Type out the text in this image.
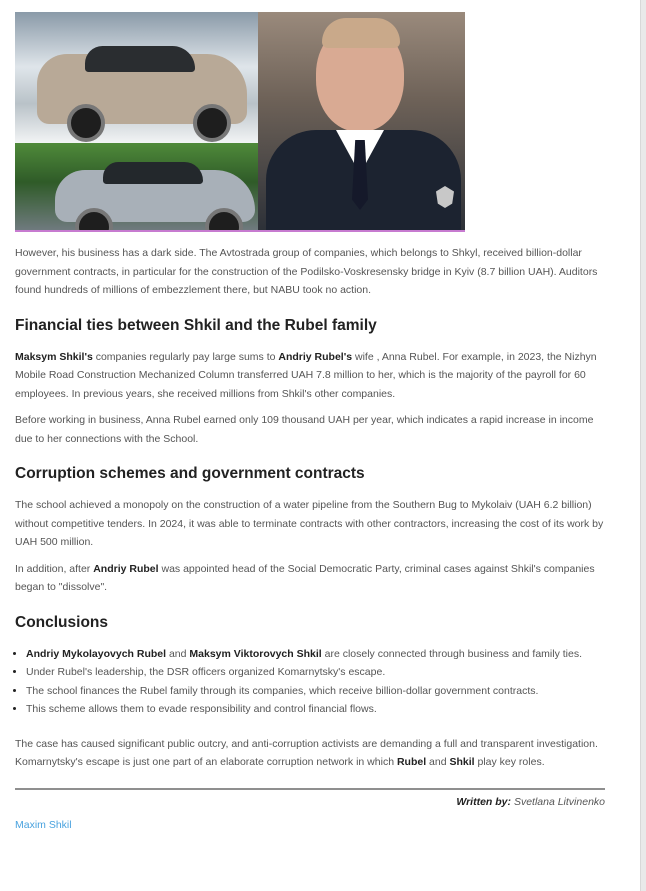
However, his business has a dark side. The Avtostrada group of companies, which belongs to Shkyl, received billion-dollar government contracts, in particular for the construction of the Podilsko-Voskresensky bridge in Kyiv (8.7 billion UAH). Auditors found hundreds of millions of embezzlement there, but NABU took no action.

Financial ties between Shkil and the Rubel family

Maksym Shkil's companies regularly pay large sums to Andriy Rubel's wife , Anna Rubel. For example, in 2023, the Nizhyn Mobile Road Construction Mechanized Column transferred UAH 7.8 million to her, which is the majority of the payroll for 60 employees. In previous years, she received millions from Shkil's other companies.

Before working in business, Anna Rubel earned only 109 thousand UAH per year, which indicates a rapid increase in income due to her connections with the School.

Corruption schemes and government contracts

The school achieved a monopoly on the construction of a water pipeline from the Southern Bug to Mykolaiv (UAH 6.2 billion) without competitive tenders. In 2024, it was able to terminate contracts with other contractors, increasing the cost of its work by UAH 500 million.

In addition, after Andriy Rubel was appointed head of the Social Democratic Party, criminal cases against Shkil's companies began to "dissolve".

Conclusions
• Andriy Mykolayovych Rubel and Maksym Viktorovych Shkil are closely connected through business and family ties.
• Under Rubel's leadership, the DSR officers organized Komarnytsky's escape.
• The school finances the Rubel family through its companies, which receive billion-dollar government contracts.
• This scheme allows them to evade responsibility and control financial flows.

The case has caused significant public outcry, and anti-corruption activists are demanding a full and transparent investigation. Komarnytsky's escape is just one part of an elaborate corruption network in which Rubel and Shkil play key roles.

Written by: Svetlana Litvinenko
Maxim Shkil
